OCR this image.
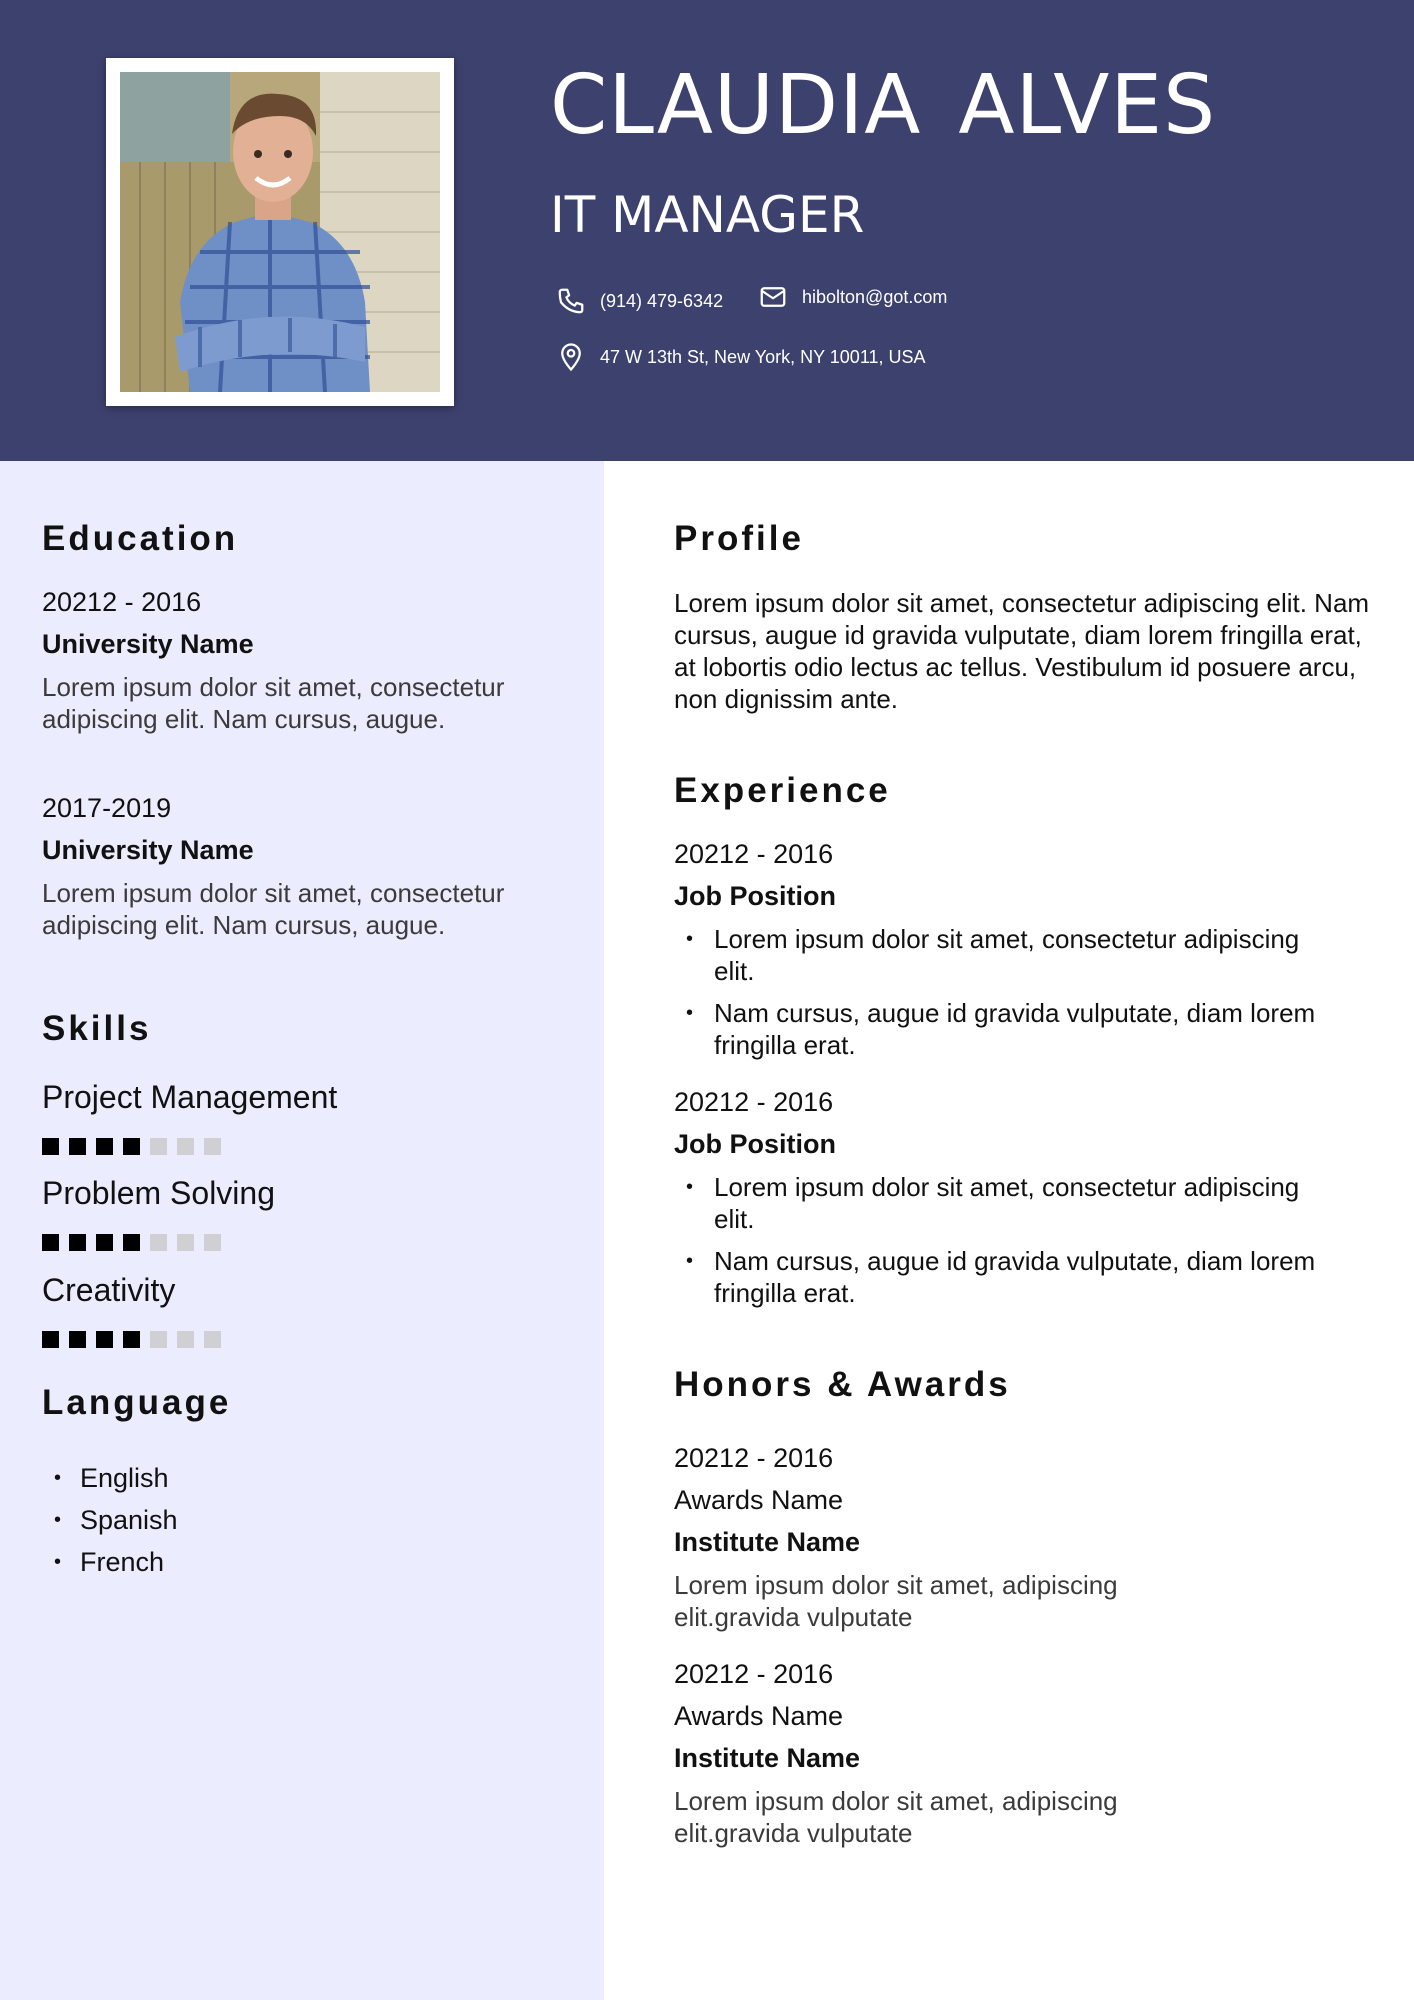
CLAUDIA ALVES
IT MANAGER
(914) 479-6342	hibolton@got.com
47 W 13th St, New York, NY 10011, USA
Education
20212 - 2016
University Name
Lorem ipsum dolor sit amet, consectetur adipiscing elit. Nam cursus, augue.
2017-2019
University Name
Lorem ipsum dolor sit amet, consectetur adipiscing elit. Nam cursus, augue.
Skills
Project Management
Problem Solving
Creativity
Language
• English
• Spanish
• French
Profile
Lorem ipsum dolor sit amet, consectetur adipiscing elit. Nam cursus, augue id gravida vulputate, diam lorem fringilla erat, at lobortis odio lectus ac tellus. Vestibulum id posuere arcu, non dignissim ante.
Experience
20212 - 2016
Job Position
• Lorem ipsum dolor sit amet, consectetur adipiscing elit.
• Nam cursus, augue id gravida vulputate, diam lorem fringilla erat.
20212 - 2016
Job Position
• Lorem ipsum dolor sit amet, consectetur adipiscing elit.
• Nam cursus, augue id gravida vulputate, diam lorem fringilla erat.
Honors & Awards
20212 - 2016
Awards Name
Institute Name
Lorem ipsum dolor sit amet, adipiscing elit.gravida vulputate
20212 - 2016
Awards Name
Institute Name
Lorem ipsum dolor sit amet, adipiscing elit.gravida vulputate
